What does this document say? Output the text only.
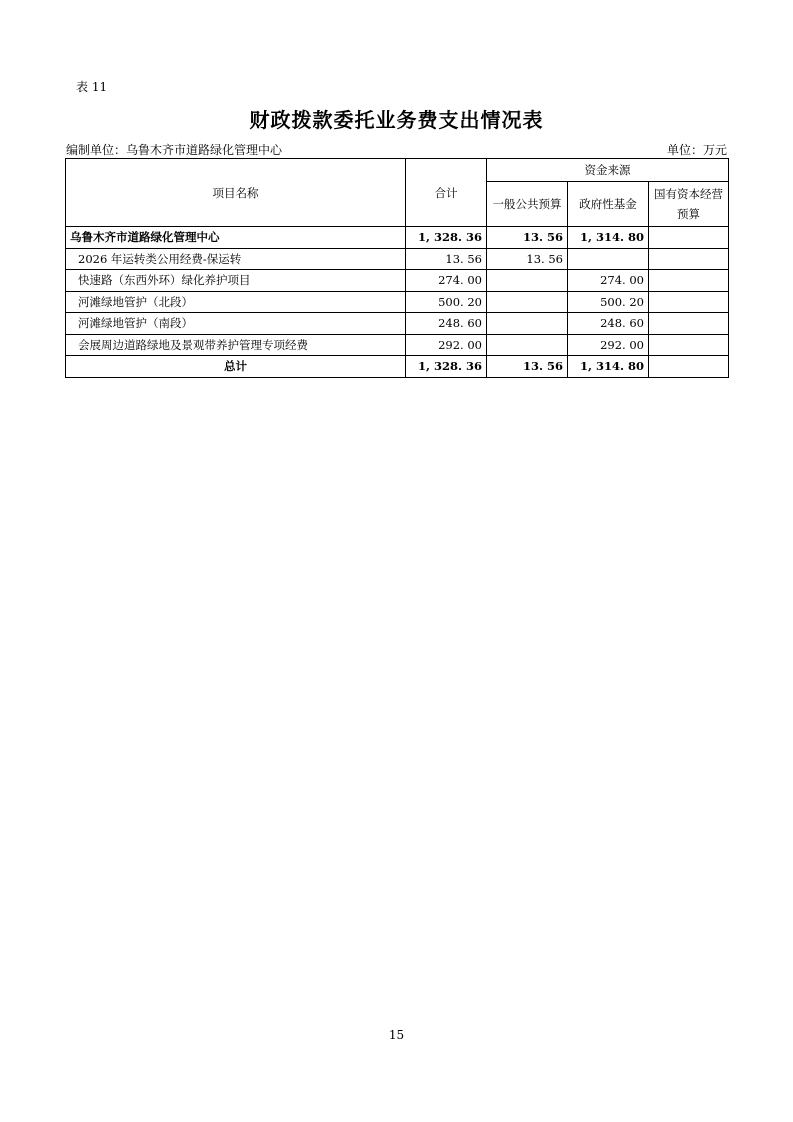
表 11
财政拨款委托业务费支出情况表
编制单位：乌鲁木齐市道路绿化管理中心	单位：万元
项目名称	合计	资金来源		
		一般公共预算	政府性基金	国有资本经营
预算

乌鲁木齐市道路绿化管理中心	1, 328. 36	13. 56	1, 314. 80	
2026 年运转类公用经费-保运转	13. 56	13. 56		
快速路（东西外环）绿化养护项目	274. 00		274. 00	
河滩绿地管护（北段）	500. 20		500. 20	
河滩绿地管护（南段）	248. 60		248. 60	
会展周边道路绿地及景观带养护管理专项经费	292. 00		292. 00	
总计	1, 328. 36	13. 56	1, 314. 80	
15
